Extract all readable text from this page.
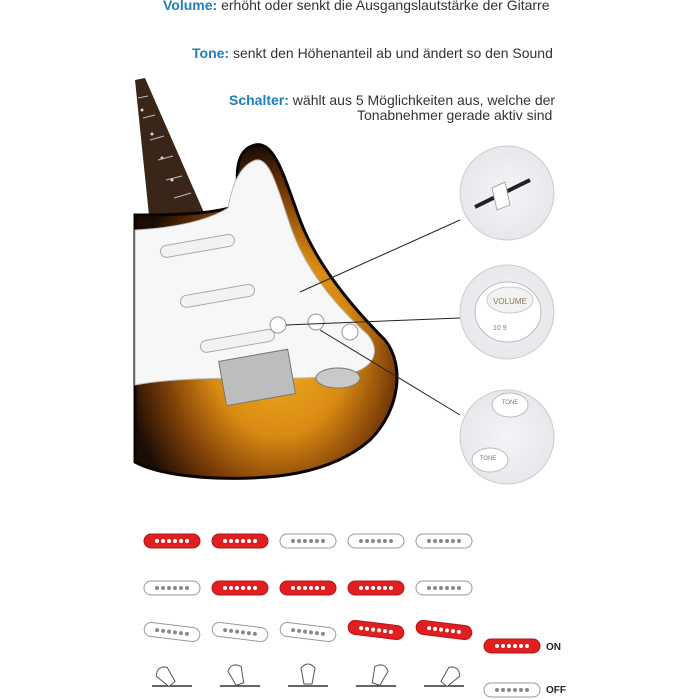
Volume: erhöht oder senkt die Ausgangslautstärke der Gitarre
Tone: senkt den Höhenanteil ab und ändert so den Sound
Schalter: wählt aus 5 Möglichkeiten aus, welche der
Tonabnehmer gerade aktiv sind
VOLUME
10 9
TONE
TONE
ON
OFF
